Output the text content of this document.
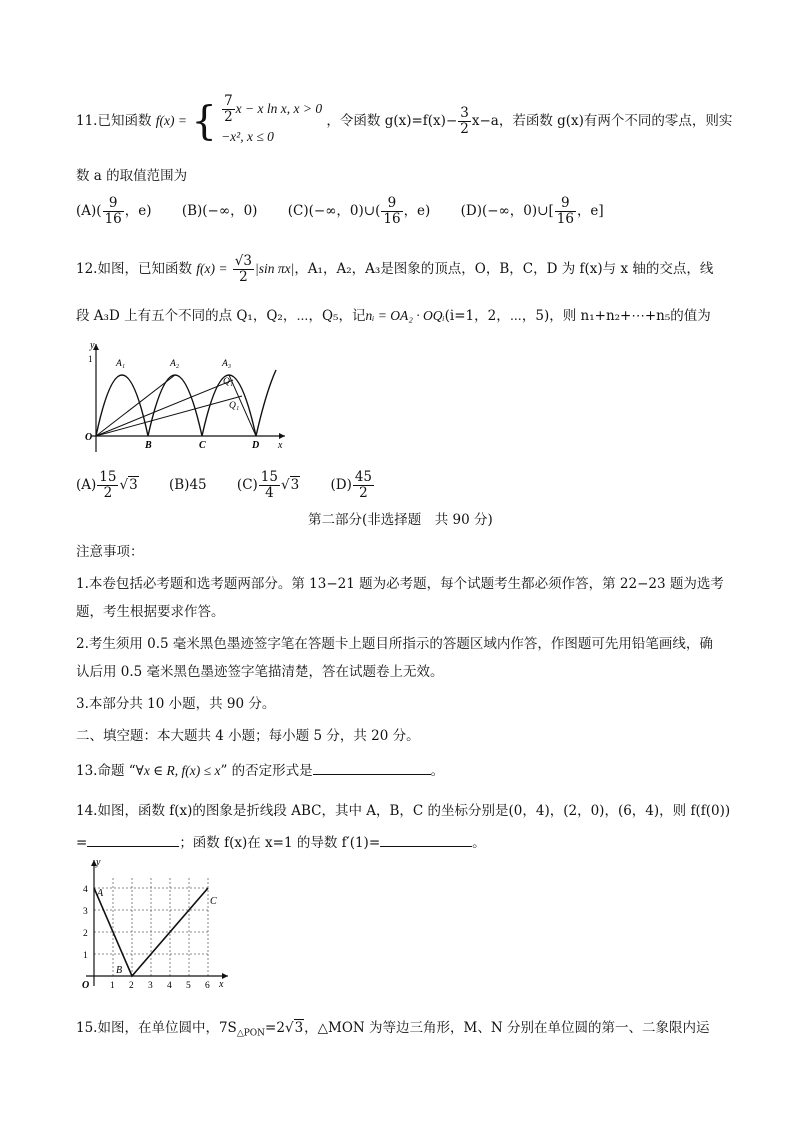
11.已知函数 f(x) = { $\frac{7}{2}$ x − x ln x, x > 0
−x², x ≤ 0
，令函数 $g(x)=f(x)- \frac{3}{2} x-a$，若函数 g(x)有两个不同的零点，则实
数 a 的取值范围为
$(A)( \frac{9}{16}$ ，e) (B)(−∞，0) (C)(−∞，0)∪( $\frac{9}{16}$ ，e) (D)(−∞，0)∪[ $\frac{9}{16}$ ，e]
12.如图，已知函数 $f(x) = \frac{√3}{2} |\sin$ πx|，A₁，A₂，A₃是图象的顶点，O，B，C，D 为 f(x)与 x 轴的交点，线
段 A₃D 上有五个不同的点 Q₁，Q₂，⋯，Q₅，记nᵢ = OA₂ · OQᵢ(i=1，2，⋯，5)，则 n₁+n₂+⋯+n₅的值为
y
x
1
O
A₁	A₂	A₃
Q₁
Q₁
B	C	D
$(A) \frac{15}{2} √3$ (B)45 $(C) \frac{15}{4} √3$ $(D) \frac{45}{2}$
第二部分(非选择题　共 90 分)
注意事项：
1.本卷包括必考题和选考题两部分。第 13−21 题为必考题，每个试题考生都必须作答，第 22−23 题为选考
题，考生根据要求作答。
2.考生须用 0.5 毫米黑色墨迹签字笔在答题卡上题目所指示的答题区域内作答，作图题可先用铅笔画线，确
认后用 0.5 毫米黑色墨迹签字笔描清楚，答在试题卷上无效。
3.本部分共 10 小题，共 90 分。
二、填空题：本大题共 4 小题；每小题 5 分，共 20 分。
13.命题 “∀x ∈ R, f(x) ≤ x” 的否定形式是	。
14.如图，函数 f(x)的图象是折线段 ABC，其中 A，B，C 的坐标分别是(0，4)，(2，0)，(6，4)，则 f(f(0))
=	；函数 f(x)在 x=1 的导数 f′(1)=	。
1 2 3 4 5 6
1
2
3
4
y
x
O
A
B
C
15.如图，在单位圆中，$7S_{\triangle PON}=2√3$，△MON 为等边三角形，M、N 分别在单位圆的第一、二象限内运
